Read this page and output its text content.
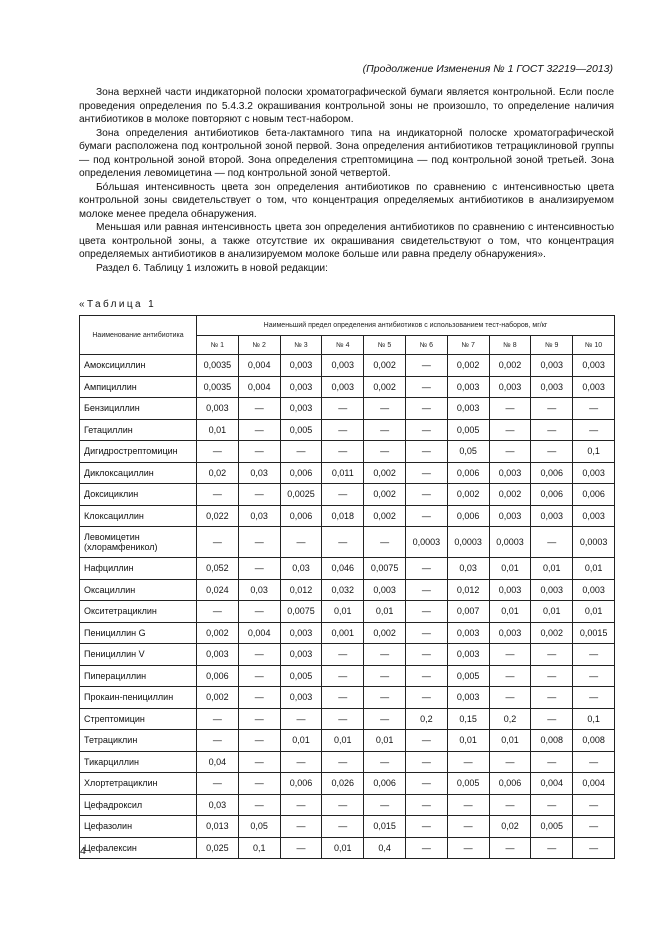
(Продолжение Изменения № 1 ГОСТ 32219—2013)

Зона верхней части индикаторной полоски хроматографической бумаги является контрольной. Если после проведения определения по 5.4.3.2 окрашивания контрольной зоны не произошло, то определение наличия антибиотиков в молоке повторяют с новым тест-набором.

Зона определения антибиотиков бета-лактамного типа на индикаторной полоске хроматографической бумаги расположена под контрольной зоной первой. Зона определения антибиотиков тетрациклиновой группы — под контрольной зоной второй. Зона определения стрептомицина — под контрольной зоной третьей. Зона определения левомицетина — под контрольной зоной четвертой.

Бо́льшая интенсивность цвета зон определения антибиотиков по сравнению с интенсивностью цвета контрольной зоны свидетельствует о том, что концентрация определяемых антибиотиков в анализируемом молоке менее предела обнаружения.

Меньшая или равная интенсивность цвета зон определения антибиотиков по сравнению с интенсивностью цвета контрольной зоны, а также отсутствие их окрашивания свидетельствуют о том, что концентрация определяемых антибиотиков в анализируемом молоке больше или равна пределу обнаружения».

Раздел 6. Таблицу 1 изложить в новой редакции:

«Таблица 1
Наименование антибиотика	Наименьший предел определения антибиотиков с использованием тест-наборов, мг/кг									
	№ 1	№ 2	№ 3	№ 4	№ 5	№ 6	№ 7	№ 8	№ 9	№ 10
Амоксициллин	0,0035	0,004	0,003	0,003	0,002	—	0,002	0,002	0,003	0,003
Ампициллин	0,0035	0,004	0,003	0,003	0,002	—	0,003	0,003	0,003	0,003
Бензициллин	0,003	—	0,003	—	—	—	0,003	—	—	—
Гетациллин	0,01	—	0,005	—	—	—	0,005	—	—	—
Дигидрострептомицин	—	—	—	—	—	—	0,05	—	—	0,1
Диклоксациллин	0,02	0,03	0,006	0,011	0,002	—	0,006	0,003	0,006	0,003
Доксициклин	—	—	0,0025	—	0,002	—	0,002	0,002	0,006	0,006
Клоксациллин	0,022	0,03	0,006	0,018	0,002	—	0,006	0,003	0,003	0,003
Левомицетин (хлорамфеникол)	—	—	—	—	—	0,0003	0,0003	0,0003	—	0,0003
Нафциллин	0,052	—	0,03	0,046	0,0075	—	0,03	0,01	0,01	0,01
Оксациллин	0,024	0,03	0,012	0,032	0,003	—	0,012	0,003	0,003	0,003
Окситетрациклин	—	—	0,0075	0,01	0,01	—	0,007	0,01	0,01	0,01
Пенициллин G	0,002	0,004	0,003	0,001	0,002	—	0,003	0,003	0,002	0,0015
Пенициллин V	0,003	—	0,003	—	—	—	0,003	—	—	—
Пиперациллин	0,006	—	0,005	—	—	—	0,005	—	—	—
Прокаин-пенициллин	0,002	—	0,003	—	—	—	0,003	—	—	—
Стрептомицин	—	—	—	—	—	0,2	0,15	0,2	—	0,1
Тетрациклин	—	—	0,01	0,01	0,01	—	0,01	0,01	0,008	0,008
Тикарциллин	0,04	—	—	—	—	—	—	—	—	—
Хлортетрациклин	—	—	0,006	0,026	0,006	—	0,005	0,006	0,004	0,004
Цефадроксил	0,03	—	—	—	—	—	—	—	—	—
Цефазолин	0,013	0,05	—	—	0,015	—	—	0,02	0,005	—
Цефалексин	0,025	0,1	—	0,01	0,4	—	—	—	—	—
4
